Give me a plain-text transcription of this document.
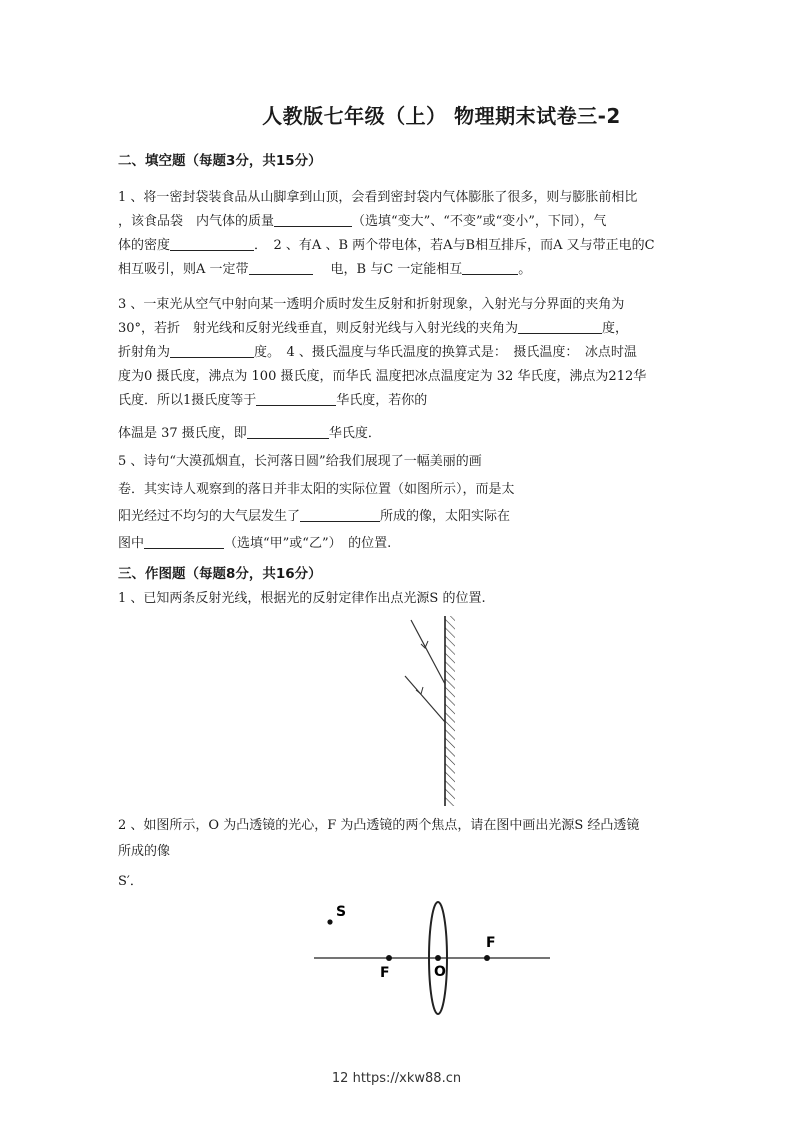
人教版七年级（上） 物理期末试卷三-2
二、填空题（每题3分，共15分）
1 、将一密封袋装食品从山脚拿到山顶，会看到密封袋内气体膨胀了很多，则与膨胀前相比
，该食品袋　内气体的质量	（选填“变大”、“不变”或“变小”，下同），气
体的密度	．　2 、有A 、B 两个带电体，若A与B相互排斥，而A 又与带正电的C
相互吸引，则A 一定带	电，B 与C 一定能相互	。
3 、一束光从空气中射向某一透明介质时发生反射和折射现象，入射光与分界面的夹角为
30°，若折　射光线和反射光线垂直，则反射光线与入射光线的夹角为	度，
折射角为	度。　4 、摄氏温度与华氏温度的换算式是：　摄氏温度：　冰点时温
度为0 摄氏度，沸点为 100 摄氏度，而华氏 温度把冰点温度定为 32 华氏度，沸点为212华
氏度．所以1摄氏度等于	华氏度，若你的
体温是 37 摄氏度，即	华氏度．
5 、诗句“大漠孤烟直，长河落日圆”给我们展现了一幅美丽的画
卷．其实诗人观察到的落日并非太阳的实际位置（如图所示），而是太
阳光经过不均匀的大气层发生了	所成的像，太阳实际在
图中	（选填“甲”或“乙”）　的位置.
三、作图题（每题8分，共16分）
1 、已知两条反射光线，根据光的反射定律作出点光源S 的位置.
2 、如图所示，O 为凸透镜的光心，F 为凸透镜的两个焦点，请在图中画出光源S 经凸透镜
所成的像
S′．
S
F
F
O
12 https://xkw88.cn
